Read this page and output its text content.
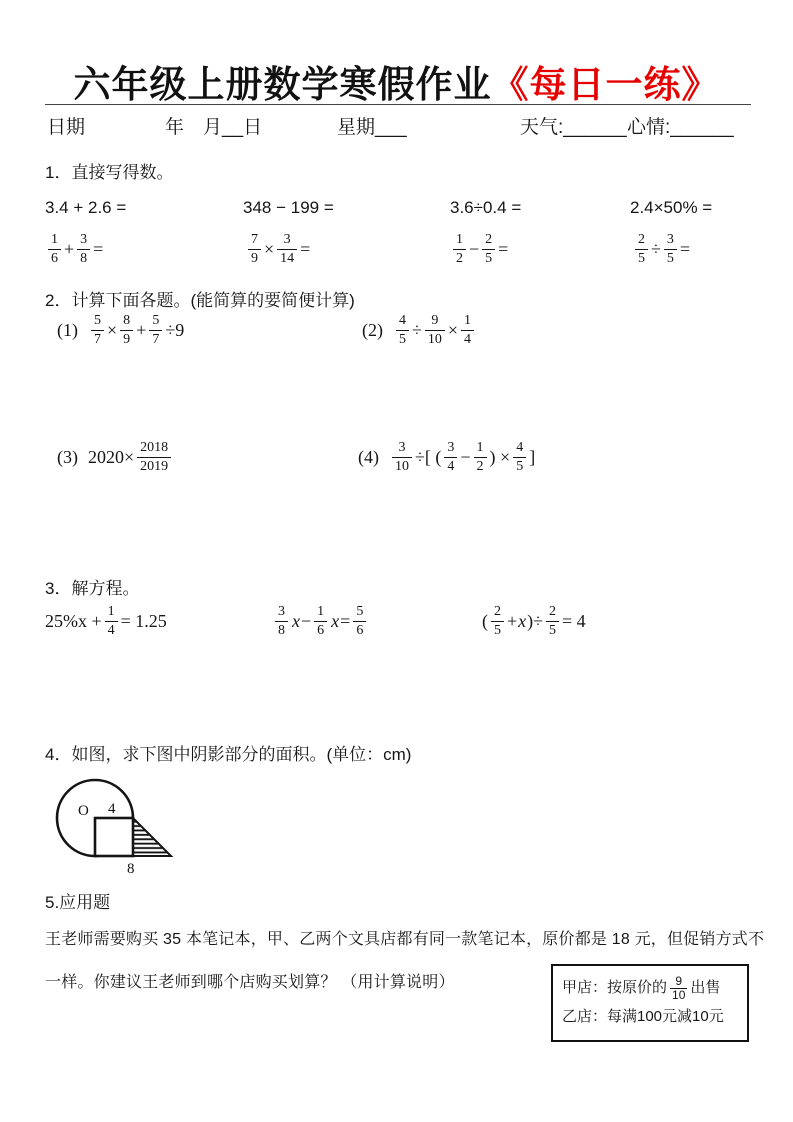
六年级上册数学寒假作业《每日一练》
日期	年 月__日	星期___	天气:______ 心情:______
1．直接写得数。
3.4 + 2.6 =	348 − 199 =	3.6÷0.4 =	2.4×50% =
$\frac{1}{6} + \frac{3}{8}$ =	$\frac{7}{9} \times \frac{3}{14}$ =	$\frac{1}{2} - \frac{2}{5}$ =	$\frac{2}{5} \div \frac{3}{5}$ =
2．计算下面各题。(能简算的要简便计算)
$(1) \frac{5}{7} \times \frac{8}{9} + \frac{5}{7} \div 9$	$(2) \frac{4}{5} \div \frac{9}{10} \times \frac{1}{4}$
(3) $2020\times \frac{2018}{2019}$	$(4) \frac{3}{10}$ ÷[ ( $\frac{3}{4} - \frac{1}{2}$ ) × $\frac{4}{5}$ ]
3．解方程。
$25\%x + \frac{1}{4} = 1.25$	$\frac{3}{8}$ $x - \frac{1}{6}$ $x = \frac{5}{6}$	( $\frac{2}{5} + x$ )÷ $\frac{2}{5} = 4$
4．如图，求下图中阴影部分的面积。(单位：cm)
O 4
8
5.应用题
王老师需要购买 35 本笔记本，甲、乙两个文具店都有同一款笔记本，原价都是 18 元，但促销方式不
一样。你建议王老师到哪个店购买划算？ （用计算说明）	甲店：按原价的 $\frac{9}{10}$ 出售
乙店：每满100元减10元
